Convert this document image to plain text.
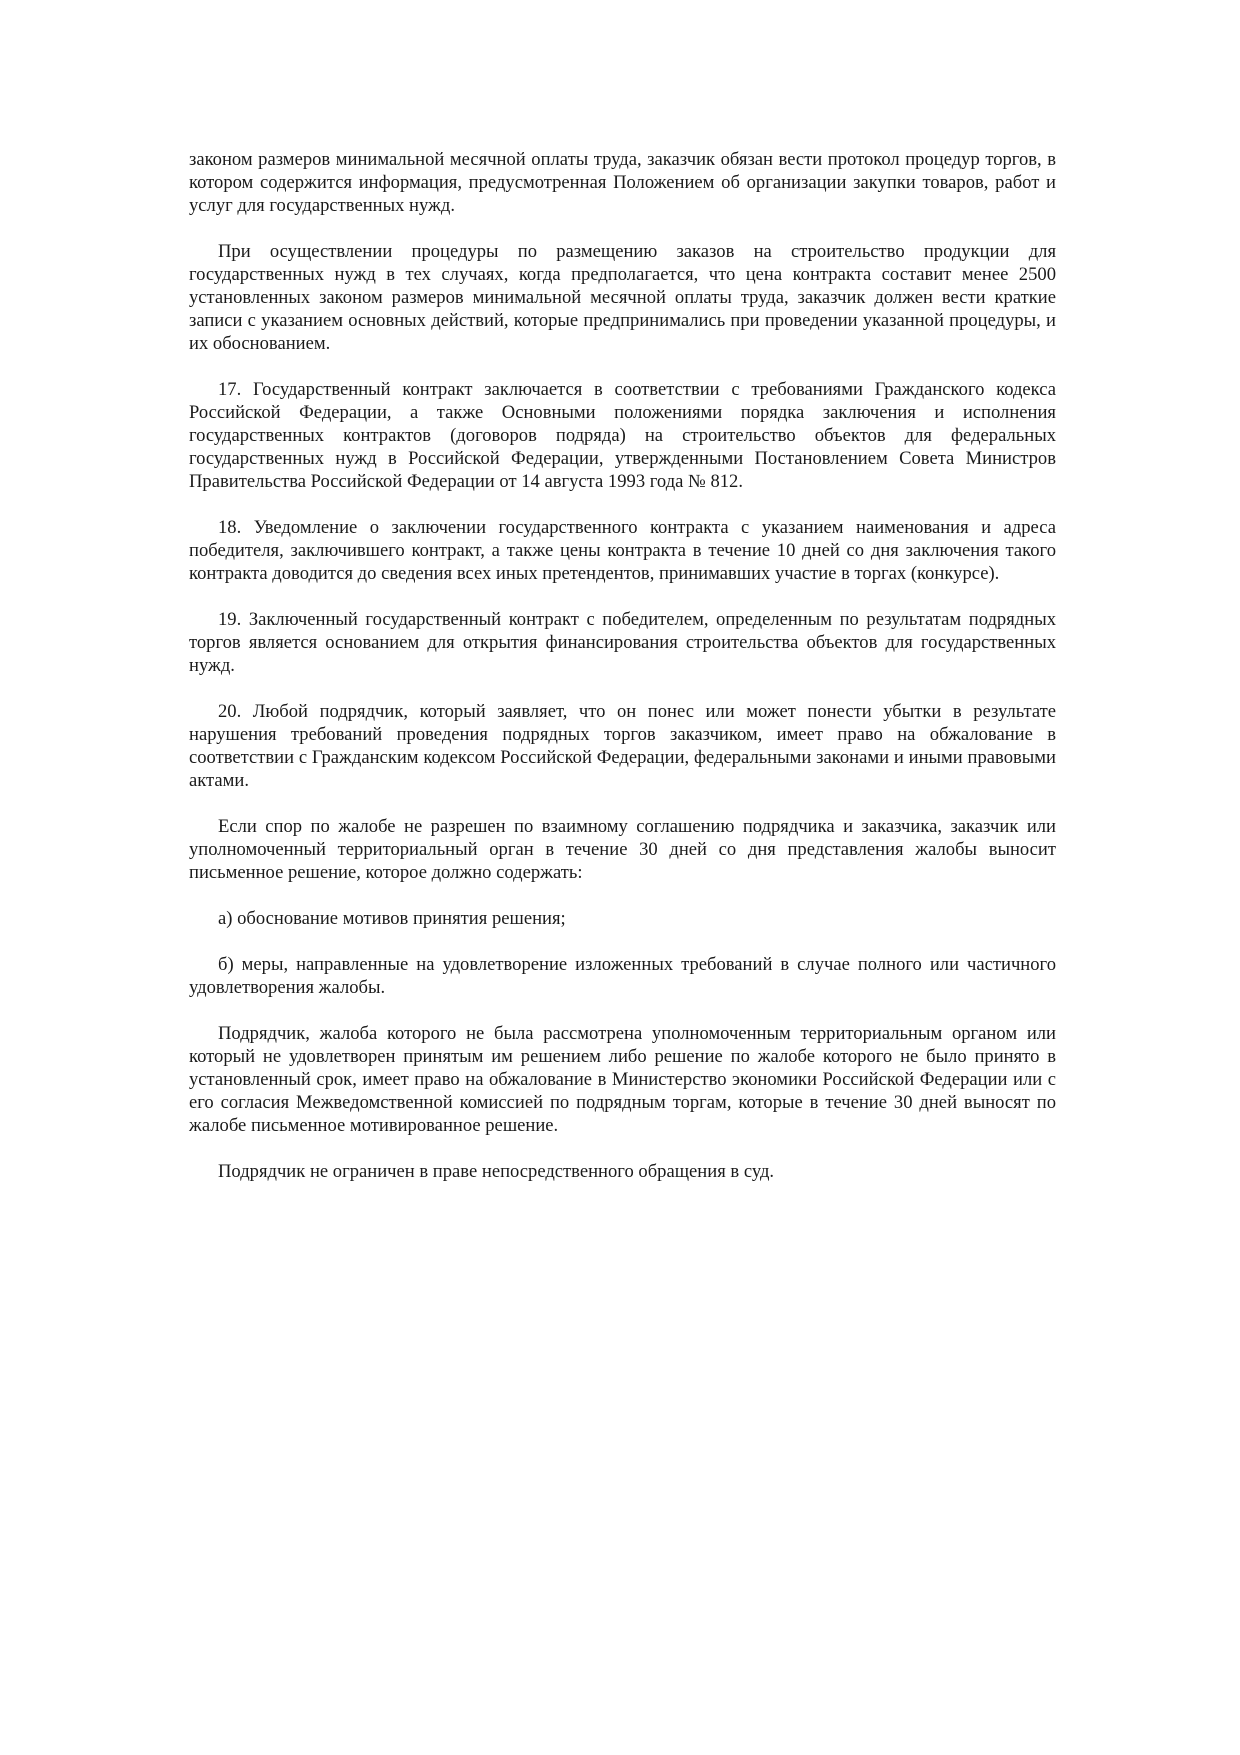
законом размеров минимальной месячной оплаты труда, заказчик обязан вести протокол процедур торгов, в котором содержится информация, предусмотренная Положением об организации закупки товаров, работ и услуг для государственных нужд.

При осуществлении процедуры по размещению заказов на строительство продукции для государственных нужд в тех случаях, когда предполагается, что цена контракта составит менее 2500 установленных законом размеров минимальной месячной оплаты труда, заказчик должен вести краткие записи с указанием основных действий, которые предпринимались при проведении указанной процедуры, и их обоснованием.

17. Государственный контракт заключается в соответствии с требованиями Гражданского кодекса Российской Федерации, а также Основными положениями порядка заключения и исполнения государственных контрактов (договоров подряда) на строительство объектов для федеральных государственных нужд в Российской Федерации, утвержденными Постановлением Совета Министров Правительства Российской Федерации от 14 августа 1993 года № 812.

18. Уведомление о заключении государственного контракта с указанием наименования и адреса победителя, заключившего контракт, а также цены контракта в течение 10 дней со дня заключения такого контракта доводится до сведения всех иных претендентов, принимавших участие в торгах (конкурсе).

19. Заключенный государственный контракт с победителем, определенным по результатам подрядных торгов является основанием для открытия финансирования строительства объектов для государственных нужд.

20. Любой подрядчик, который заявляет, что он понес или может понести убытки в результате нарушения требований проведения подрядных торгов заказчиком, имеет право на обжалование в соответствии с Гражданским кодексом Российской Федерации, федеральными законами и иными правовыми актами.

Если спор по жалобе не разрешен по взаимному соглашению подрядчика и заказчика, заказчик или уполномоченный территориальный орган в течение 30 дней со дня представления жалобы выносит письменное решение, которое должно содержать:

а) обоснование мотивов принятия решения;

б) меры, направленные на удовлетворение изложенных требований в случае полного или частичного удовлетворения жалобы.

Подрядчик, жалоба которого не была рассмотрена уполномоченным территориальным органом или который не удовлетворен принятым им решением либо решение по жалобе которого не было принято в установленный срок, имеет право на обжалование в Министерство экономики Российской Федерации или с его согласия Межведомственной комиссией по подрядным торгам, которые в течение 30 дней выносят по жалобе письменное мотивированное решение.

Подрядчик не ограничен в праве непосредственного обращения в суд.
